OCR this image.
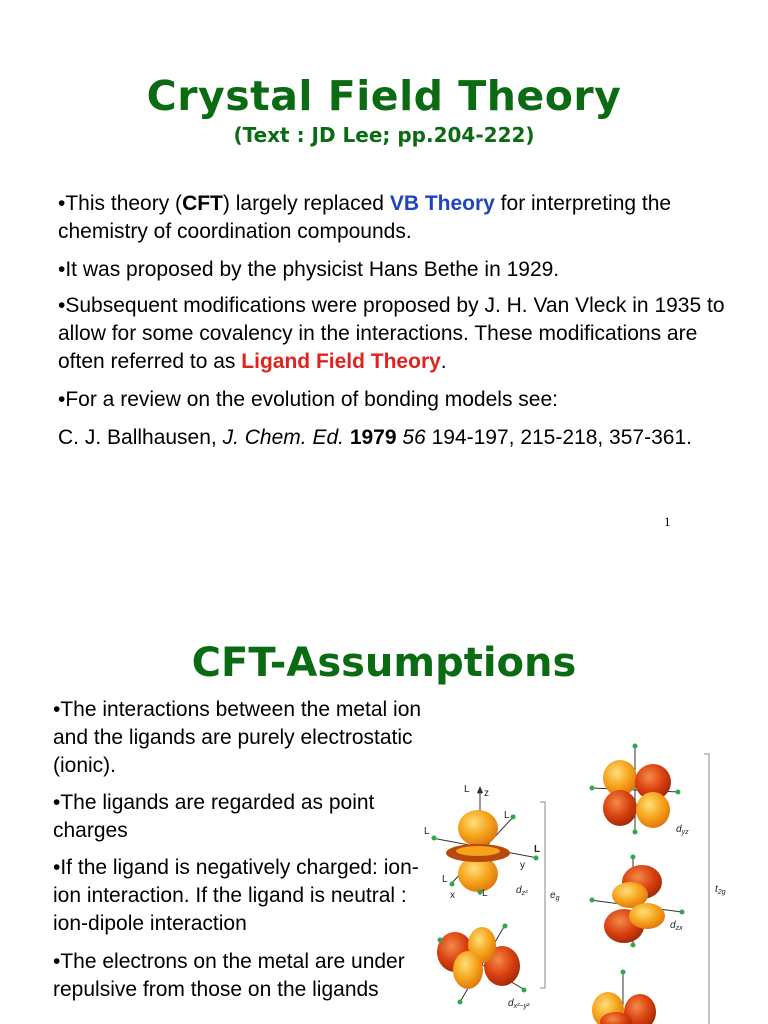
Crystal Field Theory
(Text : JD Lee; pp.204-222)

•This theory (CFT) largely replaced VB Theory for interpreting the chemistry of coordination compounds.

•It was proposed by the physicist Hans Bethe in 1929.

•Subsequent modifications were proposed by J. H. Van Vleck in 1935 to allow for some covalency in the interactions. These modifications are often referred to as Ligand Field Theory.

•For a review on the evolution of bonding models see:

C. J. Ballhausen, J. Chem. Ed. 1979 56 194-197, 215-218, 357-361.

1
CFT-Assumptions

•The interactions between the metal ion and the ligands are purely electrostatic (ionic).

•The ligands are regarded as point charges

•If the ligand is negatively charged: ion-ion interaction. If the ligand is neutral : ion-dipole interaction

•The electrons on the metal are under repulsive from those on the ligands

L z
L
L
L
y
L
x	L	$d_{z^2}$
$d_{x^2-y^2}$
$e_g$
$d_{yz}$
$d_{zx}$
$t_{2g}$
